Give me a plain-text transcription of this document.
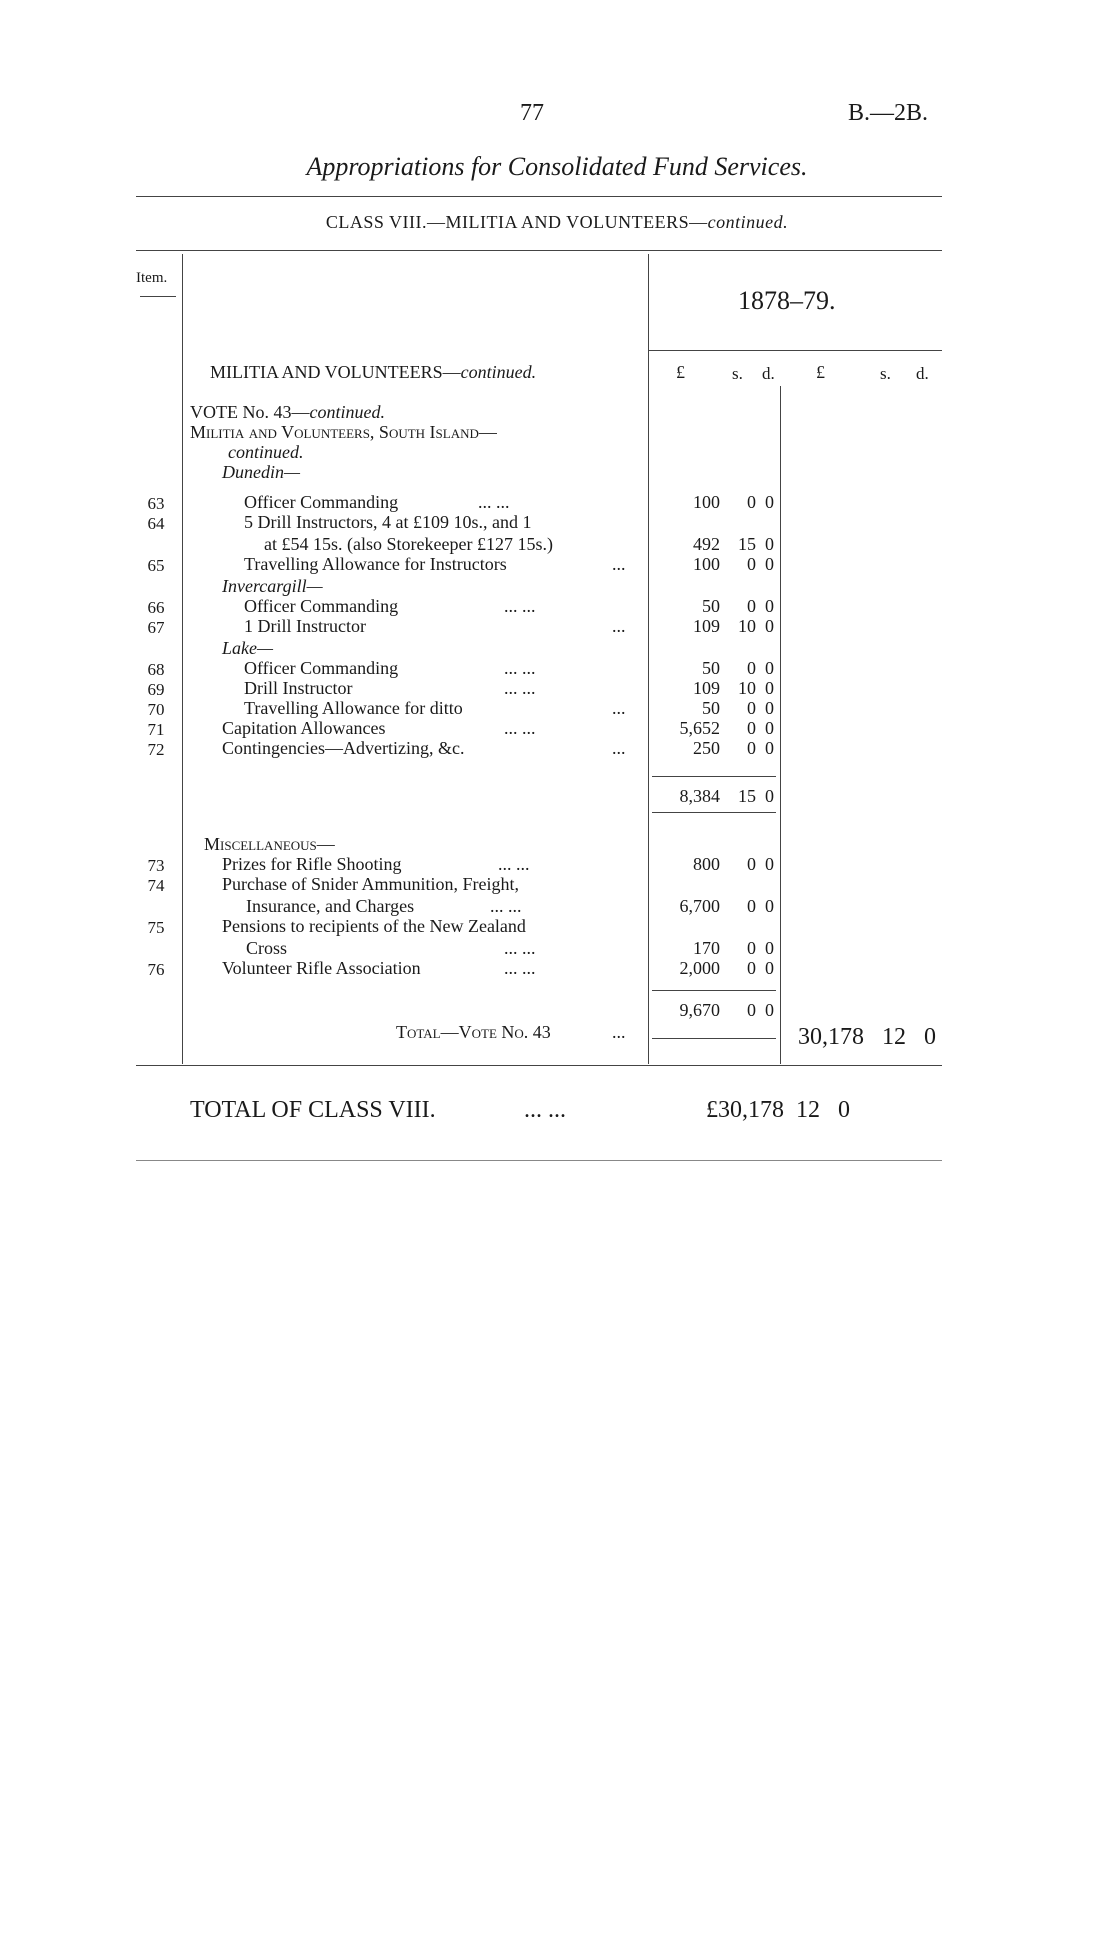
77	B.—2B.
Appropriations for Consolidated Fund Services.
CLASS VIII.—MILITIA AND VOLUNTEERS—continued.
Item.
1878–79.
MILITIA AND VOLUNTEERS—continued.	£	s. d. £	s. d.
VOTE No. 43—continued.
Militia and Volunteers, South Island—
continued.
Dunedin—
63	Officer Commanding	... ...	100	0 0
64	5 Drill Instructors, 4 at £109 10s., and 1
at £54 15s. (also Storekeeper £127 15s.)	492	15 0
65	Travelling Allowance for Instructors	...	100	0 0
Invercargill—
66	Officer Commanding	... ...	50	0 0
67	1 Drill Instructor	...	109	10 0
Lake—
68	Officer Commanding	... ...	50	0 0
69	Drill Instructor	... ...	109	10 0
70	Travelling Allowance for ditto	...	50	0 0
71	Capitation Allowances	... ...	5,652	0 0
72	Contingencies—Advertizing, &c.	...	250	0 0
8,384	15 0
Miscellaneous—
73	Prizes for Rifle Shooting	... ...	800	0 0
74	Purchase of Snider Ammunition, Freight,
Insurance, and Charges	... ...	6,700	0 0
75	Pensions to recipients of the New Zealand
Cross	... ...	170	0 0
76	Volunteer Rifle Association	... ...	2,000	0 0
9,670	0 0
Total—Vote No. 43	...	30,178 12 0
TOTAL OF CLASS VIII.	... ...	£30,178  12   0
